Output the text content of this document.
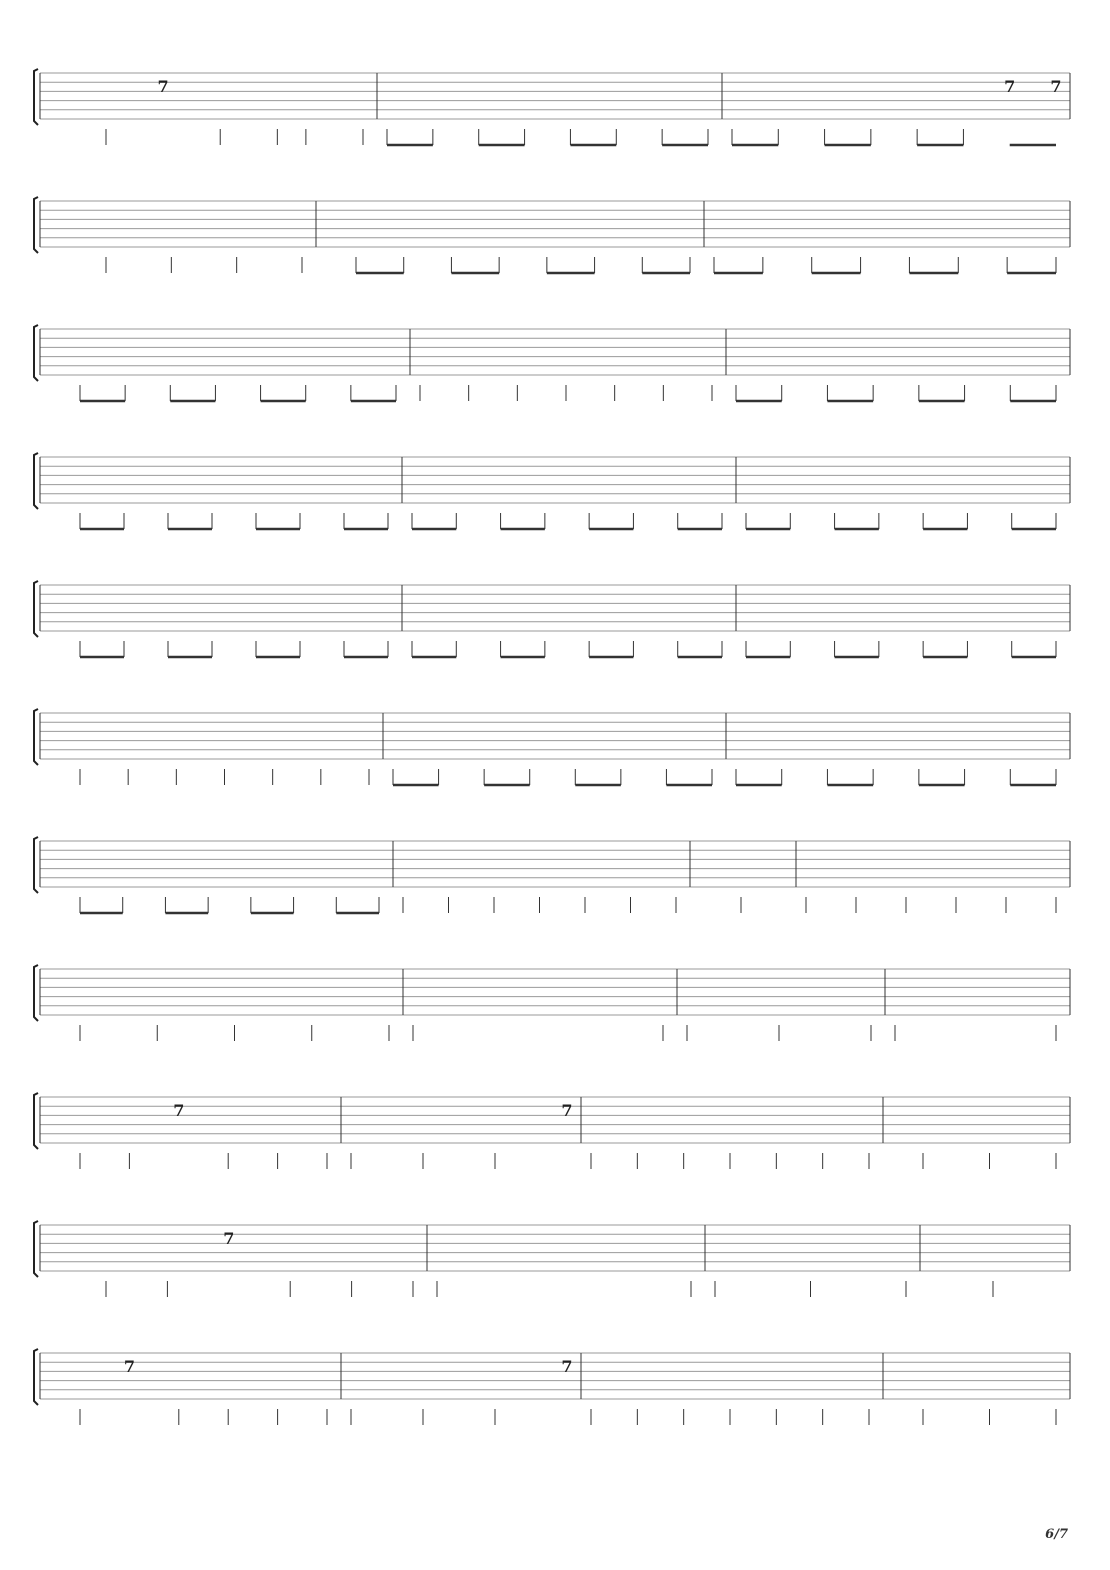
7	7 7
7	7
7
7	7
6/7
